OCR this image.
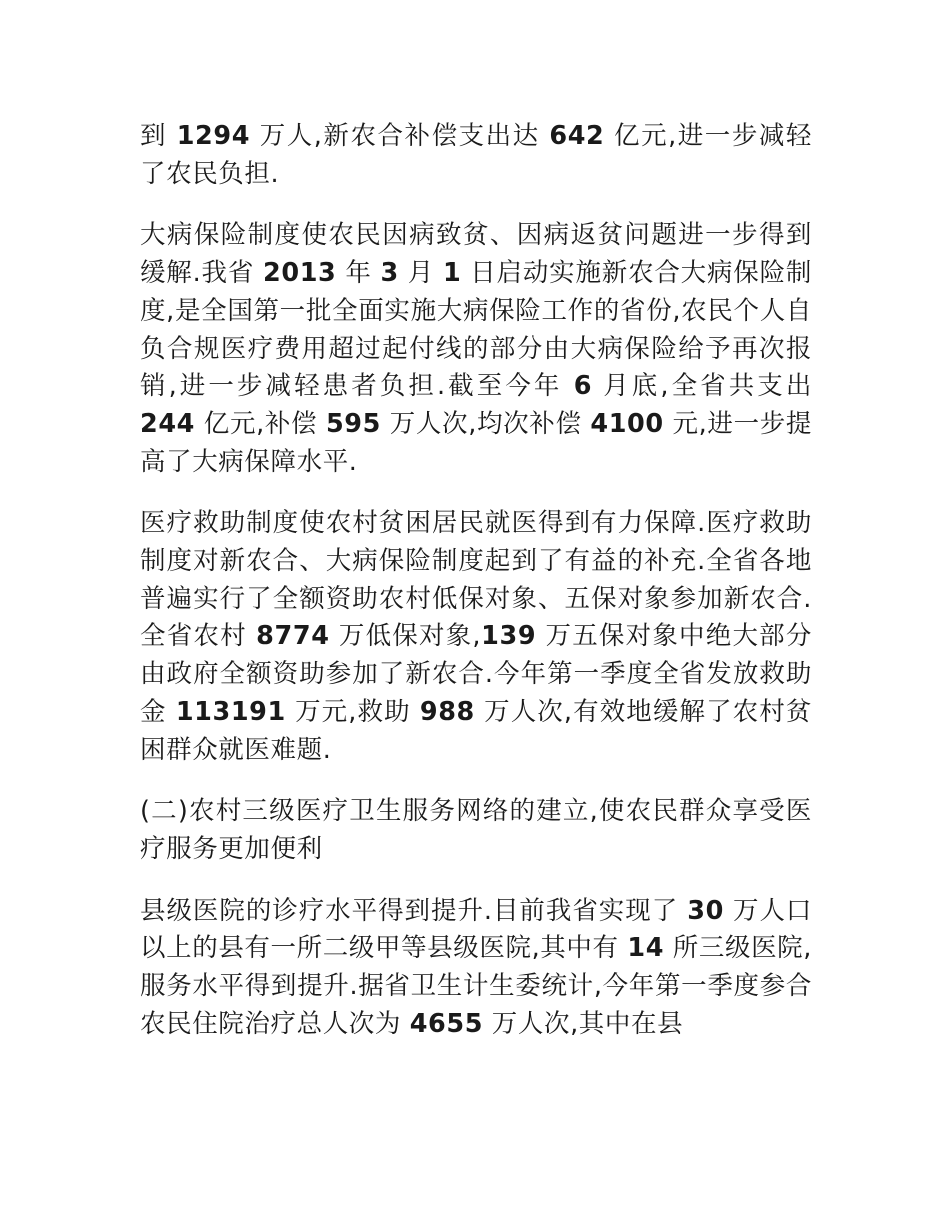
到 1294 万人,新农合补偿支出达 642 亿元,进一步减轻了农民负担.

大病保险制度使农民因病致贫、因病返贫问题进一步得到缓解.我省 2013 年 3 月 1 日启动实施新农合大病保险制度,是全国第一批全面实施大病保险工作的省份,农民个人自负合规医疗费用超过起付线的部分由大病保险给予再次报销,进一步减轻患者负担.截至今年 6 月底,全省共支出 244 亿元,补偿 595 万人次,均次补偿 4100 元,进一步提高了大病保障水平.

医疗救助制度使农村贫困居民就医得到有力保障.医疗救助制度对新农合、大病保险制度起到了有益的补充.全省各地普遍实行了全额资助农村低保对象、五保对象参加新农合.全省农村 8774 万低保对象,139 万五保对象中绝大部分由政府全额资助参加了新农合.今年第一季度全省发放救助金 113191 万元,救助 988 万人次,有效地缓解了农村贫困群众就医难题.

(二)农村三级医疗卫生服务网络的建立,使农民群众享受医疗服务更加便利

县级医院的诊疗水平得到提升.目前我省实现了 30 万人口以上的县有一所二级甲等县级医院,其中有 14 所三级医院,服务水平得到提升.据省卫生计生委统计,今年第一季度参合农民住院治疗总人次为 4655 万人次,其中在县
